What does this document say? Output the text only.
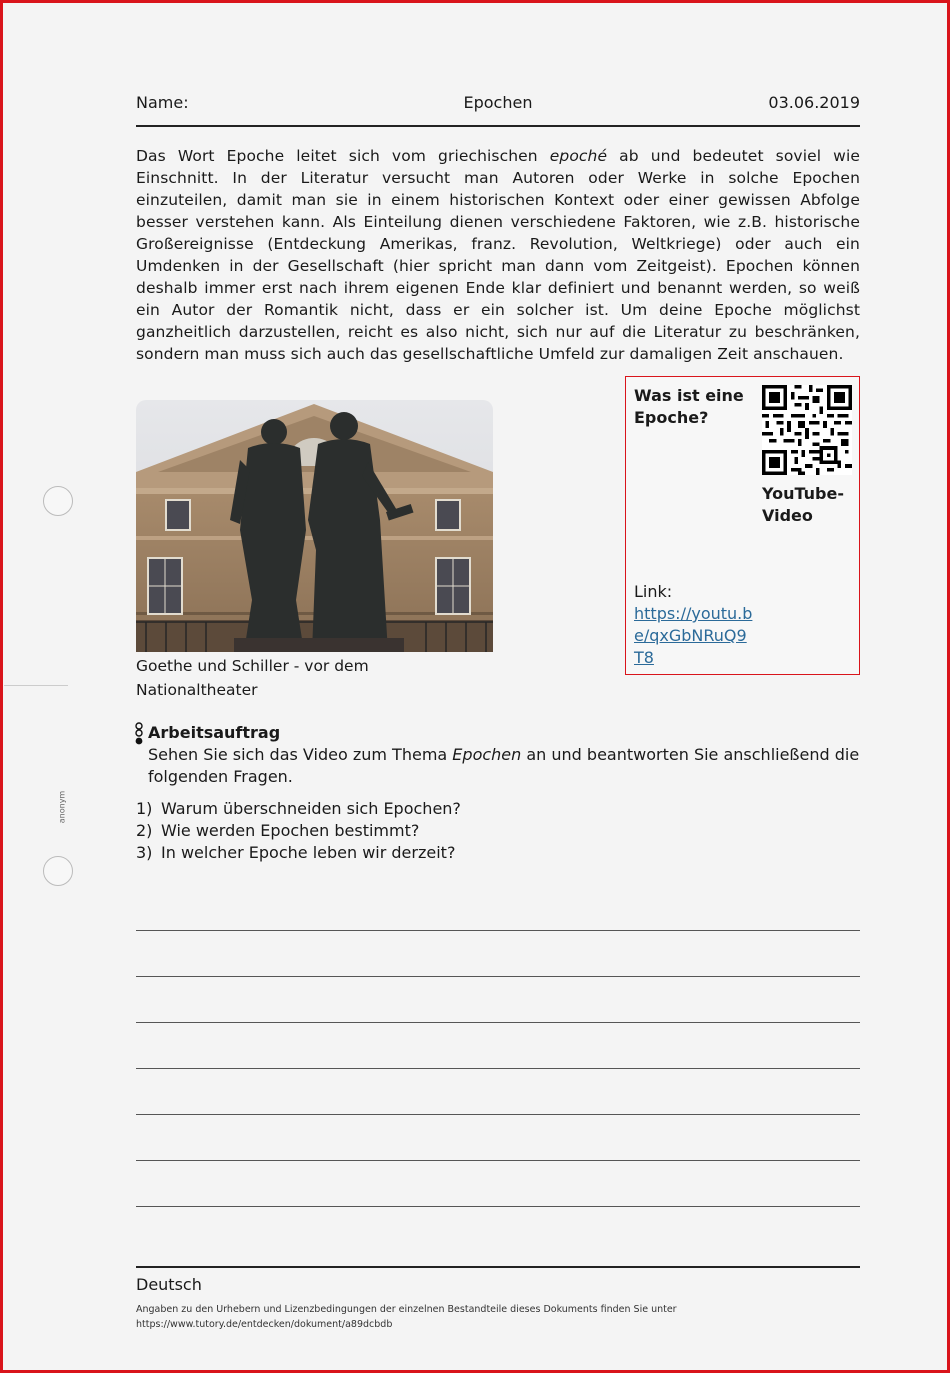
anonym
Name:	Epochen	03.06.2019

Das Wort Epoche leitet sich vom griechischen epoché ab und bedeutet soviel wie Einschnitt. In der Literatur versucht man Autoren oder Werke in solche Epochen einzuteilen, damit man sie in einem historischen Kontext oder einer gewissen Abfolge besser verstehen kann. Als Einteilung dienen verschiedene Faktoren, wie z.B. historische Großereignisse (Entdeckung Amerikas, franz. Revolution, Weltkriege) oder auch ein Umdenken in der Gesellschaft (hier spricht man dann vom Zeitgeist). Epochen können deshalb immer erst nach ihrem eigenen Ende klar definiert und benannt werden, so weiß ein Autor der Romantik nicht, dass er ein solcher ist. Um deine Epoche möglichst ganzheitlich darzustellen, reicht es also nicht, sich nur auf die Literatur zu beschränken, sondern man muss sich auch das gesellschaftliche Umfeld zur damaligen Zeit anschauen.

Goethe und Schiller - vor dem Nationaltheater
Was ist eine Epoche?
YouTube-Video
Link:
https://youtu.be/qxGbNRuQ9T8
Arbeitsauftrag
Sehen Sie sich das Video zum Thema Epochen an und beantworten Sie anschließend die folgenden Fragen.
1) Warum überschneiden sich Epochen?
2) Wie werden Epochen bestimmt?
3) In welcher Epoche leben wir derzeit?
Deutsch
Angaben zu den Urhebern und Lizenzbedingungen der einzelnen Bestandteile dieses Dokuments finden Sie unter
https://www.tutory.de/entdecken/dokument/a89dcbdb
